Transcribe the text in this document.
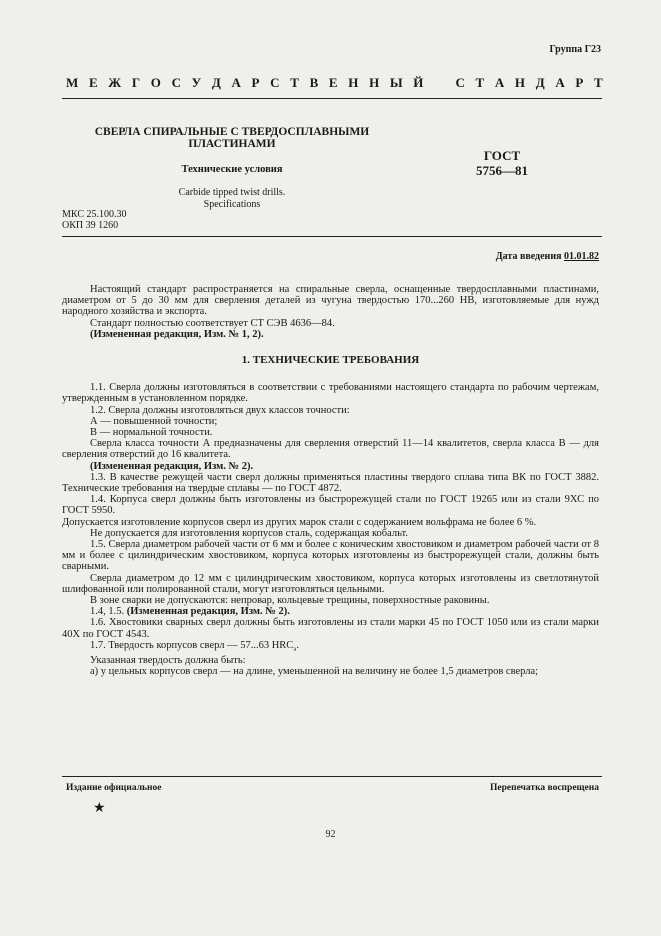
Группа Г23
М Е Ж Г О С У Д А Р С Т В Е Н Н Ы Й С Т А Н Д А Р Т
СВЕРЛА СПИРАЛЬНЫЕ С ТВЕРДОСПЛАВНЫМИ
ПЛАСТИНАМИ
Технические условия
Carbide tipped twist drills.
Specifications
ГОСТ
5756—81
МКС 25.100.30
ОКП 39 1260
Дата введения 01.01.82

Настоящий стандарт распространяется на спиральные сверла, оснащенные твердосплавными пластинами, диаметром от 5 до 30 мм для сверления деталей из чугуна твердостью 170...260 НВ, изготовляемые для нужд народного хозяйства и экспорта.

Стандарт полностью соответствует СТ СЭВ 4636—84.

(Измененная редакция, Изм. № 1, 2).

1. ТЕХНИЧЕСКИЕ ТРЕБОВАНИЯ

1.1. Сверла должны изготовляться в соответствии с требованиями настоящего стандарта по рабочим чертежам, утвержденным в установленном порядке.

1.2. Сверла должны изготовляться двух классов точности:

А — повышенной точности;

В — нормальной точности.

Сверла класса точности А предназначены для сверления отверстий 11—14 квалитетов, сверла класса В — для сверления отверстий до 16 квалитета.

(Измененная редакция, Изм. № 2).

1.3. В качестве режущей части сверл должны применяться пластины твердого сплава типа ВК по ГОСТ 3882. Технические требования на твердые сплавы — по ГОСТ 4872.

1.4. Корпуса сверл должны быть изготовлены из быстрорежущей стали по ГОСТ 19265 или из стали 9ХС по ГОСТ 5950.

Допускается изготовление корпусов сверл из других марок стали с содержанием вольфрама не более 6 %.

Не допускается для изготовления корпусов сталь, содержащая кобальт.

1.5. Сверла диаметром рабочей части от 6 мм и более с коническим хвостовиком и диаметром рабочей части от 8 мм и более с цилиндрическим хвостовиком, корпуса которых изготовлены из быстрорежущей стали, должны быть сварными.

Сверла диаметром до 12 мм с цилиндрическим хвостовиком, корпуса которых изготовлены из светлотянутой шлифованной или полированной стали, могут изготовляться цельными.

В зоне сварки не допускаются: непровар, кольцевые трещины, поверхностные раковины.

1.4, 1.5. (Измененная редакция, Изм. № 2).

1.6. Хвостовики сварных сверл должны быть изготовлены из стали марки 45 по ГОСТ 1050 или из стали марки 40Х по ГОСТ 4543.

1.7. Твердость корпусов сверл — 57...63 $HRC_э$.

Указанная твердость должна быть:

а) у цельных корпусов сверл — на длине, уменьшенной на величину не более 1,5 диаметров сверла;

Издание официальное	Перепечатка воспрещена
★
92
